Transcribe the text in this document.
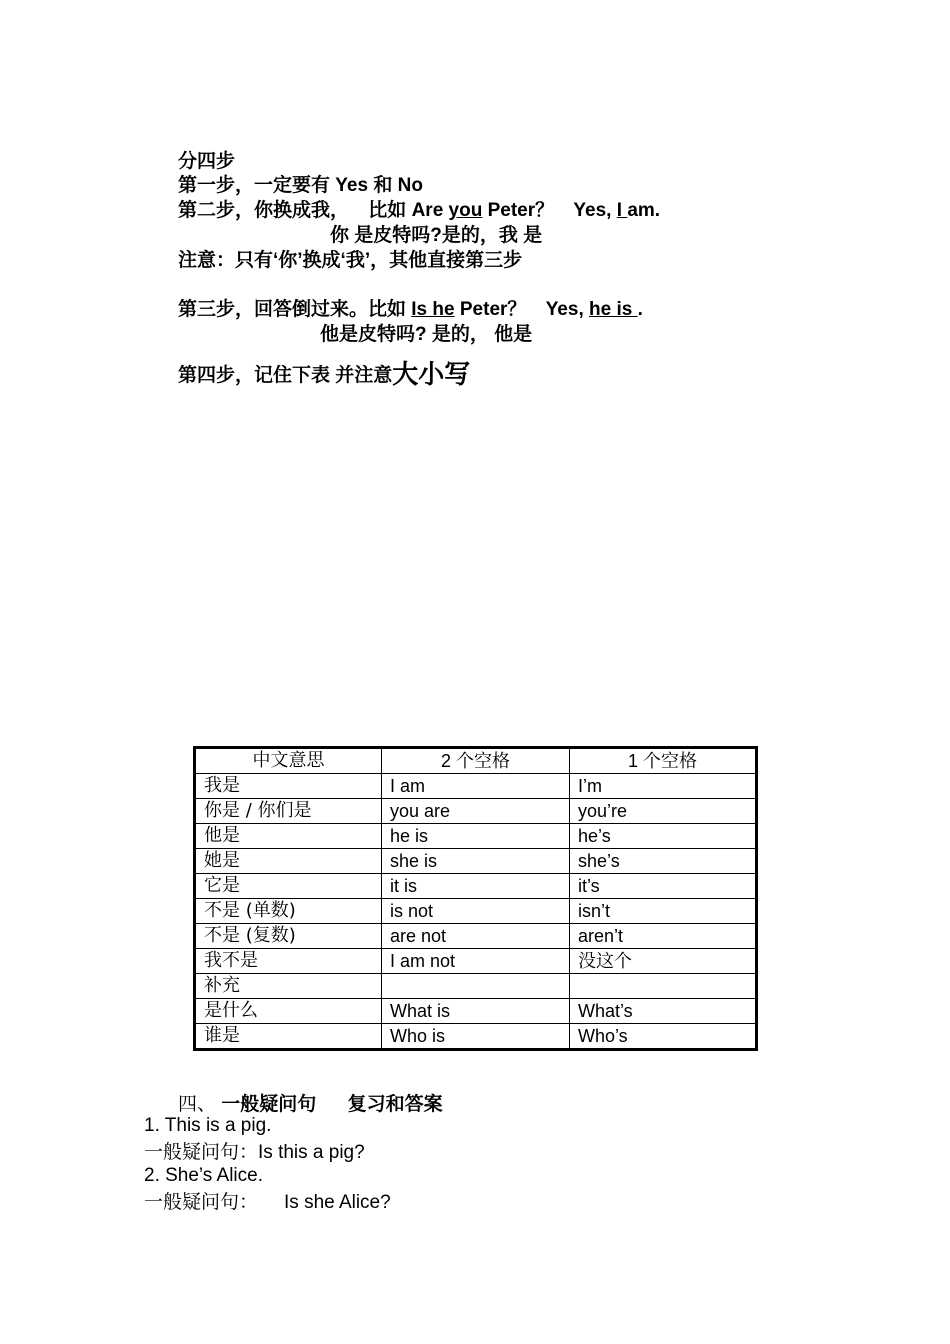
分四步
第一步，一定要有 Yes 和 No
第二步，你换成我， 比如 Are you Peter？ Yes, I am.
你 是皮特吗?是的，我 是
注意：只有‘你’换成‘我’，其他直接第三步
第三步，回答倒过来。比如 Is he Peter？ Yes, he is .
他是皮特吗? 是的， 他是
第四步，记住下表 并注意大小写
中文意思	2 个空格	1 个空格
我是	I am	I’m
你是 / 你们是	you are	you’re
他是	he is	he’s
她是	she is	she’s
它是	it is	it’s
不是 (单数)	is not	isn’t
不是 (复数)	are not	aren’t
我不是	I am not	没这个
补充		
是什么	What is	What’s
谁是	Who is	Who’s
四、 一般疑问句 复习和答案
1. This is a pig.
一般疑问句：Is this a pig?
2. She’s Alice.
一般疑问句： Is she Alice?
